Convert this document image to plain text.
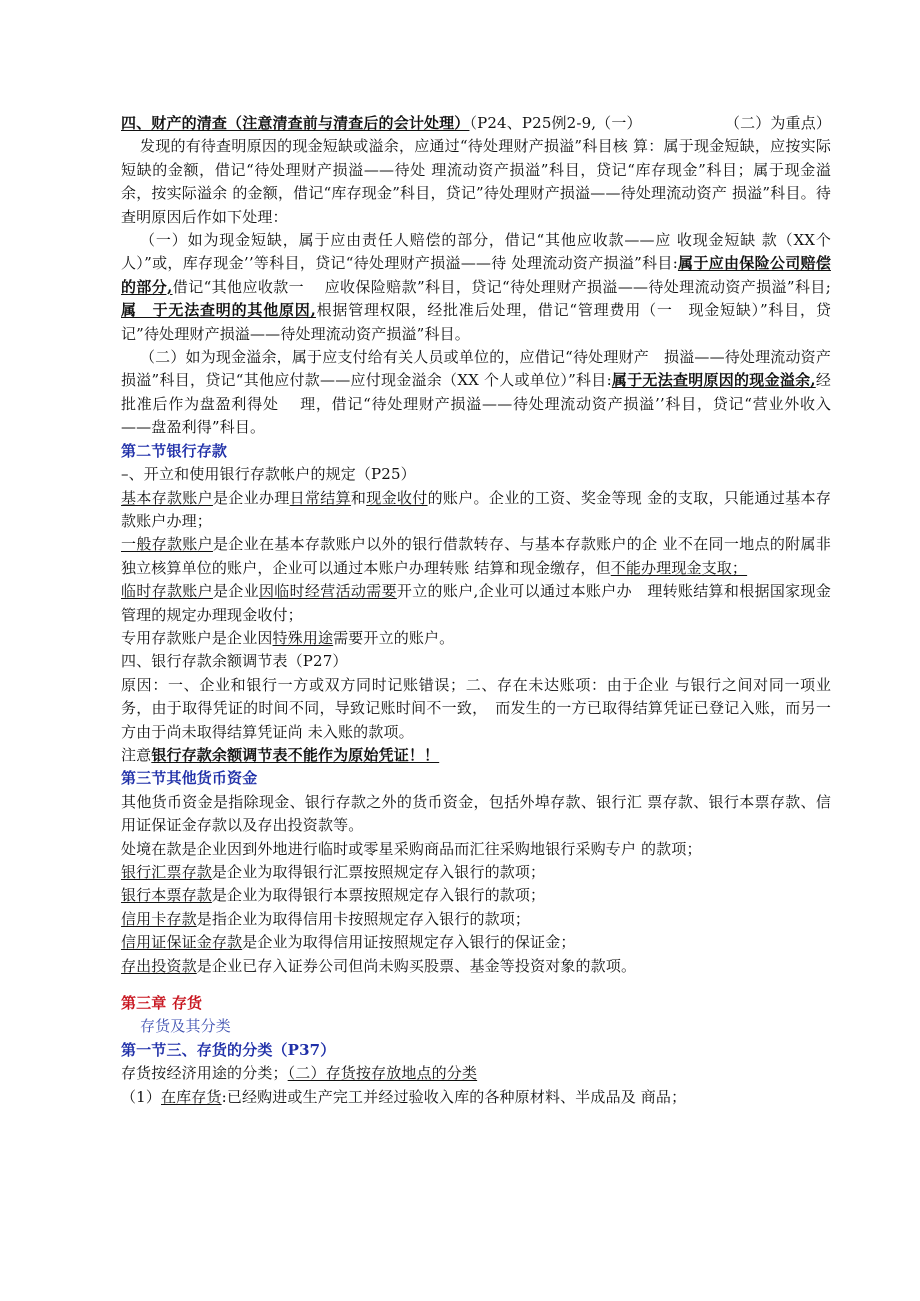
四、财产的清查（注意清查前与清查后的会计处理）（P24、P25例2-9,（一）	（二）为重点）

发现的有待查明原因的现金短缺或溢余，应通过“待处理财产损溢”科目核 算：属于现金短缺，应按实际短缺的金额，借记“待处理财产损溢——待处 理流动资产损溢”科目，贷记“库存现金”科目；属于现金溢余，按实际溢余 的金额，借记“库存现金”科目，贷记”待处理财产损溢——待处理流动资产 损溢”科目。待查明原因后作如下处理：

（一）如为现金短缺，属于应由责任人赔偿的部分，借记“其他应收款——应 收现金短缺 款（XX个人）”或，库存现金’’等科目，贷记“待处理财产损溢——待 处理流动资产损溢”科目:属于应由保险公司赔偿的部分,借记“其他应收款一　 应收保险赔款”科目，贷记“待处理财产损溢——待处理流动资产损溢”科目;属　于无法查明的其他原因,根据管理权限，经批准后处理，借记“管理费用（一　现金短缺）”科目，贷记”待处理财产损溢——待处理流动资产损溢”科目。

（二）如为现金溢余，属于应支付给有关人员或单位的，应借记“待处理财产　损溢——待处理流动资产损溢”科目，贷记“其他应付款——应付现金溢余（XX 个人或单位）”科目:属于无法查明原因的现金溢余,经批准后作为盘盈利得处　 理，借记“待处理财产损溢——待处理流动资产损溢’’科目，贷记“营业外收入 ——盘盈利得”科目。

第二节银行存款

–、开立和使用银行存款帐户的规定（P25）

基本存款账户是企业办理日常结算和现金收付的账户。企业的工资、奖金等现 金的支取，只能通过基本存款账户办理；

一般存款账户是企业在基本存款账户以外的银行借款转存、与基本存款账户的企 业不在同一地点的附属非独立核算单位的账户，企业可以通过本账户办理转账 结算和现金缴存，但不能办理现金支取；

临时存款账户是企业因临时经营活动需要开立的账户,企业可以通过本账户办　理转账结算和根据国家现金管理的规定办理现金收付；

专用存款账户是企业因特殊用途需要开立的账户。

四、银行存款余额调节表（P27）

原因：一、企业和银行一方或双方同时记账错误；二、存在未达账项：由于企业 与银行之间对同一项业务，由于取得凭证的时间不同，导致记账时间不一致，　而发生的一方已取得结算凭证已登记入账，而另一方由于尚未取得结算凭证尚 未入账的款项。

注意银行存款余额调节表不能作为原始凭证！！

第三节其他货币资金

其他货币资金是指除现金、银行存款之外的货币资金，包括外埠存款、银行汇 票存款、银行本票存款、信用证保证金存款以及存出投资款等。

处境在款是企业因到外地进行临时或零星采购商品而汇往采购地银行采购专户 的款项；

银行汇票存款是企业为取得银行汇票按照规定存入银行的款项；

银行本票存款是企业为取得银行本票按照规定存入银行的款项；

信用卡存款是指企业为取得信用卡按照规定存入银行的款项；

信用证保证金存款是企业为取得信用证按照规定存入银行的保证金；

存出投资款是企业已存入证券公司但尚未购买股票、基金等投资对象的款项。

第三章 存货

存货及其分类

第一节三、存货的分类（P37）

存货按经济用途的分类；（二）存货按存放地点的分类

（1）在库存货:已经购进或生产完工并经过验收入库的各种原材料、半成品及 商品；
